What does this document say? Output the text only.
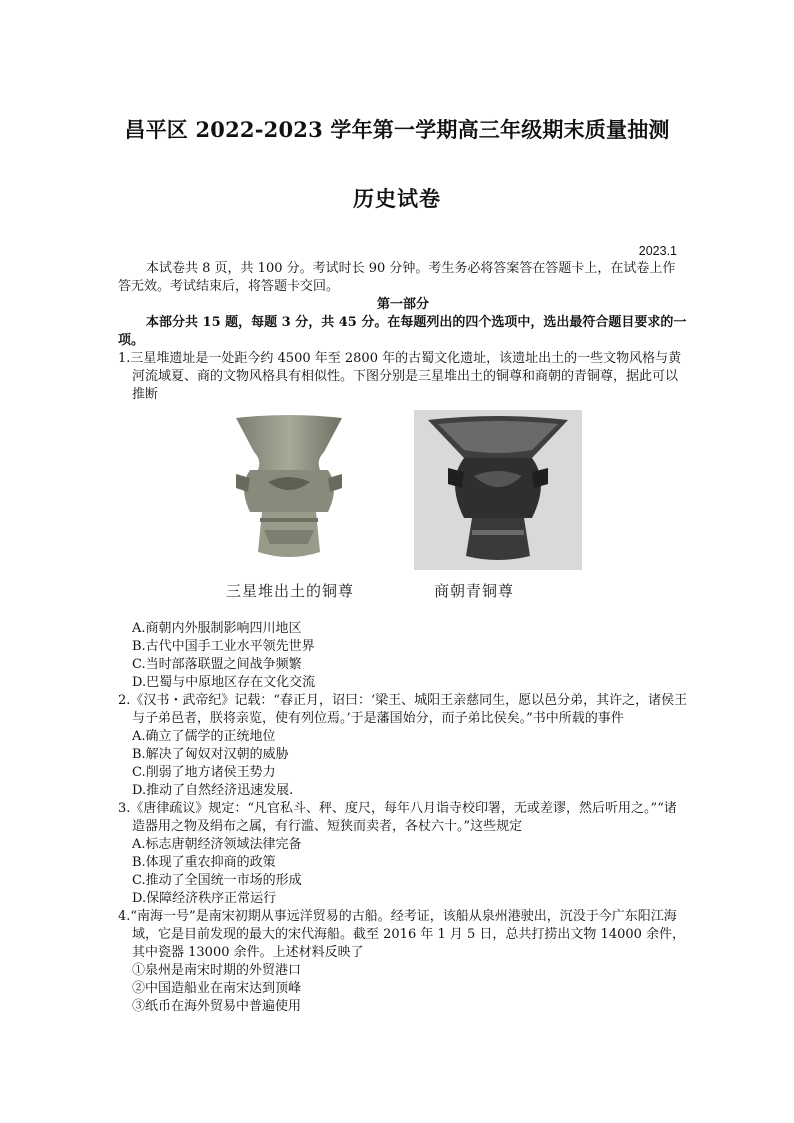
昌平区 2022-2023 学年第一学期高三年级期末质量抽测
历史试卷
2023.1

本试卷共 8 页，共 100 分。考试时长 90 分钟。考生务必将答案答在答题卡上，在试卷上作答无效。考试结束后，将答题卡交回。

第一部分

本部分共 15 题，每题 3 分，共 45 分。在每题列出的四个选项中，选出最符合题目要求的一项。

1.三星堆遗址是一处距今约 4500 年至 2800 年的古蜀文化遗址，该遗址出土的一些文物风格与黄河流域夏、商的文物风格具有相似性。下图分别是三星堆出土的铜尊和商朝的青铜尊，据此可以推断

三星堆出土的铜尊	商朝青铜尊

A.商朝内外服制影响四川地区

B.古代中国手工业水平领先世界

C.当时部落联盟之间战争频繁

D.巴蜀与中原地区存在文化交流

2.《汉书・武帝纪》记载：“春正月，诏曰：‘梁王、城阳王亲慈同生，愿以邑分弟，其许之，诸侯王与子弟邑者，朕将亲览，使有列位焉。’于是藩国始分，而子弟比侯矣。”书中所载的事件

A.确立了儒学的正统地位

B.解决了匈奴对汉朝的威胁

C.削弱了地方诸侯王势力

D.推动了自然经济迅速发展.

3.《唐律疏议》规定：“凡官私斗、秤、度尺，每年八月诣寺校印署，无或差谬，然后听用之。”“诸造器用之物及绢布之属，有行滥、短狭而卖者，各杖六十。”这些规定

A.标志唐朝经济领域法律完备

B.体现了重农抑商的政策

C.推动了全国统一市场的形成

D.保障经济秩序正常运行

4.“南海一号”是南宋初期从事远洋贸易的古船。经考证，该船从泉州港驶出，沉没于今广东阳江海域，它是目前发现的最大的宋代海船。截至 2016 年 1 月 5 日，总共打捞出文物 14000 余件，其中瓷器 13000 余件。上述材料反映了

①泉州是南宋时期的外贸港口

②中国造船业在南宋达到顶峰

③纸币在海外贸易中普遍使用
